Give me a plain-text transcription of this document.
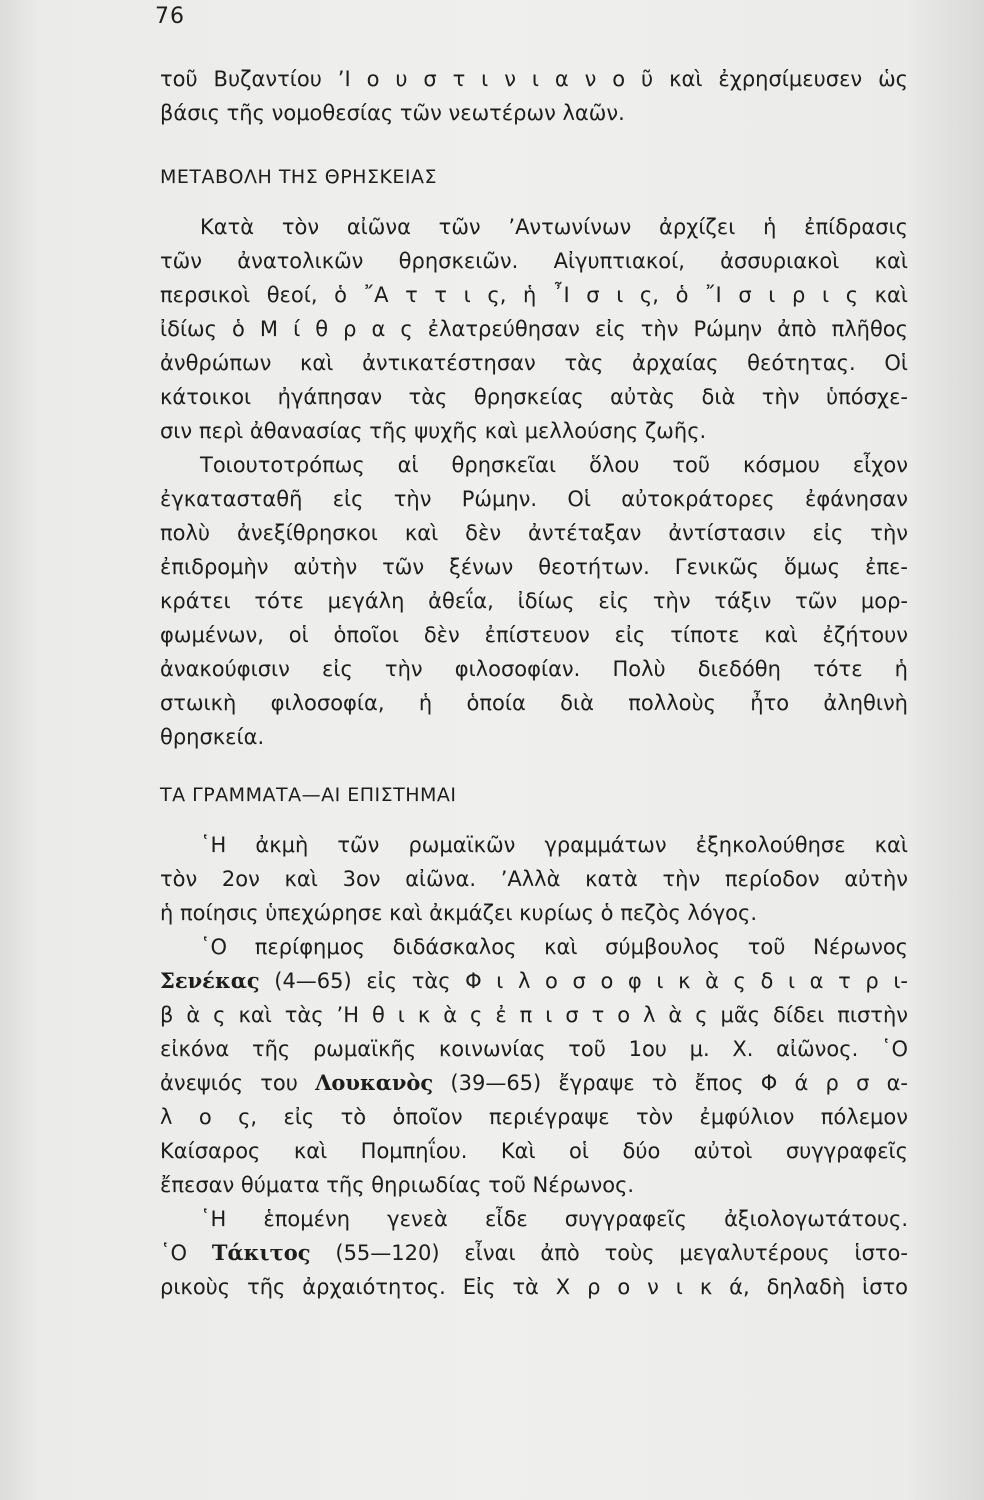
76
τοῦ Βυζαντίου ’Ι ο υ σ τ ι ν ι α ν ο ῦ καὶ ἐχρησίμευσεν ὡς
βάσις τῆς νομοθεσίας τῶν νεωτέρων λαῶν.
ΜΕΤΑΒΟΛΗ ΤΗΣ ΘΡΗΣΚΕΙΑΣ
Κατὰ τὸν αἰῶνα τῶν ’Αντωνίνων ἀρχίζει ἡ ἐπίδρασις
τῶν ἀνατολικῶν θρησκειῶν. Αἰγυπτιακοί, ἀσσυριακοὶ καὶ
περσικοὶ θεοί, ὁ ῎Α τ τ ι ς, ἡ ῏Ι σ ι ς, ὁ ῎Ι σ ι ρ ι ς καὶ
ἰδίως ὁ Μ ί θ ρ α ς ἐλατρεύθησαν εἰς τὴν Ρώμην ἀπὸ πλῆθος
ἀνθρώπων καὶ ἀντικατέστησαν τὰς ἀρχαίας θεότητας. Οἱ
κάτοικοι ἠγάπησαν τὰς θρησκείας αὐτὰς διὰ τὴν ὑπόσχε-
σιν περὶ ἀθανασίας τῆς ψυχῆς καὶ μελλούσης ζωῆς.
Τοιουτοτρόπως αἱ θρησκεῖαι ὅλου τοῦ κόσμου εἶχον
ἐγκατασταθῆ εἰς τὴν Ρώμην. Οἱ αὐτοκράτορες ἐφάνησαν
πολὺ ἀνεξίθρησκοι καὶ δὲν ἀντέταξαν ἀντίστασιν εἰς τὴν
ἐπιδρομὴν αὐτὴν τῶν ξένων θεοτήτων. Γενικῶς ὅμως ἐπε-
κράτει τότε μεγάλη ἀθεΐα, ἰδίως εἰς τὴν τάξιν τῶν μορ-
φωμένων, οἱ ὁποῖοι δὲν ἐπίστευον εἰς τίποτε καὶ ἐζήτουν
ἀνακούφισιν εἰς τὴν φιλοσοφίαν. Πολὺ διεδόθη τότε ἡ
στωικὴ φιλοσοφία, ἡ ὁποία διὰ πολλοὺς ἦτο ἀληθινὴ
θρησκεία.
ΤΑ ΓΡΑΜΜΑΤΑ—ΑΙ ΕΠΙΣΤΗΜΑΙ
῾Η ἀκμὴ τῶν ρωμαϊκῶν γραμμάτων ἐξηκολούθησε καὶ
τὸν 2ον καὶ 3ον αἰῶνα. ’Αλλὰ κατὰ τὴν περίοδον αὐτὴν
ἡ ποίησις ὑπεχώρησε καὶ ἀκμάζει κυρίως ὁ πεζὸς λόγος.
῾Ο περίφημος διδάσκαλος καὶ σύμβουλος τοῦ Νέρωνος
Σενέκας (4—65) εἰς τὰς Φ ι λ ο σ ο φ ι κ ὰ ς δ ι α τ ρ ι-
β ὰ ς καὶ τὰς ’Η θ ι κ ὰ ς ἐ π ι σ τ ο λ ὰ ς μᾶς δίδει πιστὴν
εἰκόνα τῆς ρωμαϊκῆς κοινωνίας τοῦ 1ου μ. Χ. αἰῶνος. ῾Ο
ἀνεψιός του Λουκανὸς (39—65) ἔγραψε τὸ ἔπος Φ ά ρ σ α-
λ ο ς, εἰς τὸ ὁποῖον περιέγραψε τὸν ἐμφύλιον πόλεμον
Καίσαρος καὶ Πομπηΐου. Καὶ οἱ δύο αὐτοὶ συγγραφεῖς
ἔπεσαν θύματα τῆς θηριωδίας τοῦ Νέρωνος.
῾Η ἑπομένη γενεὰ εἶδε συγγραφεῖς ἀξιολογωτάτους.
῾Ο Τάκιτος (55—120) εἶναι ἀπὸ τοὺς μεγαλυτέρους ἱστο-
ρικοὺς τῆς ἀρχαιότητος. Εἰς τὰ Χ ρ ο ν ι κ ά, δηλαδὴ ἱστο
